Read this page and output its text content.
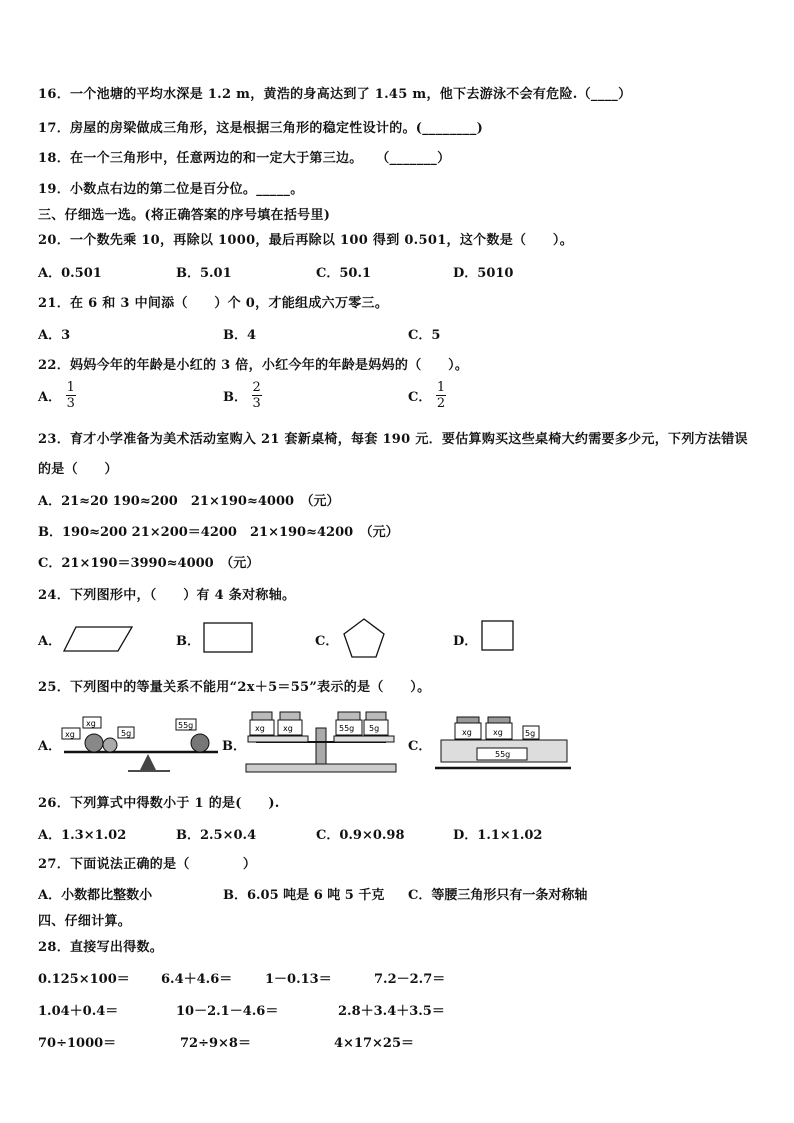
16．一个池塘的平均水深是 1.2 m，黄浩的身高达到了 1.45 m，他下去游泳不会有危险.（____）
17．房屋的房梁做成三角形，这是根据三角形的稳定性设计的。(________)
18．在一个三角形中，任意两边的和一定大于第三边。　　（_______）
19．小数点右边的第二位是百分位。_____。
三、仔细选一选。(将正确答案的序号填在括号里)
20．一个数先乘 10，再除以 1000，最后再除以 100 得到 0.501，这个数是（　　）。
A．0.501	B．5.01	C．50.1	D．5010
21．在 6 和 3 中间添（　　）个 0，才能组成六万零三。
A．3	B．4	C．5
22．妈妈今年的年龄是小红的 3 倍，小红今年的年龄是妈妈的（　　）。
A． $\frac{1}{3}$	B． $\frac{2}{3}$	C． $\frac{1}{2}$
23．育才小学准备为美术活动室购入 21 套新桌椅，每套 190 元．要估算购买这些桌椅大约需要多少元，下列方法错误
的是（　　）
A．21≈20 190≈200　21×190≈4000　（元）
B．190≈200 21×200＝4200　21×190≈4200　（元）
C．21×190＝3990≈4000　（元）
24．下列图形中，（　　）有 4 条对称轴。
A．	B．	C．	D．
25．下列图中的等量关系不能用“2x＋5＝55”表示的是（　　）。
A．
xg
xg
5g
55g
B．
xg xg	55g 5g
C．
xg	xg	5g
55g
26．下列算式中得数小于 1 的是(　　).
A．1.3×1.02	B．2.5×0.4	C．0.9×0.98	D．1.1×1.02
27．下面说法正确的是（　　　　）
A．小数都比整数小	B．6.05 吨是 6 吨 5 千克 C．等腰三角形只有一条对称轴
四、仔细计算。
28．直接写出得数。
0.125×100＝ 6.4＋4.6＝	1－0.13＝	7.2－2.7＝
1.04＋0.4＝	10－2.1－4.6＝	2.8＋3.4＋3.5＝
70÷1000＝	72÷9×8＝	4×17×25＝
